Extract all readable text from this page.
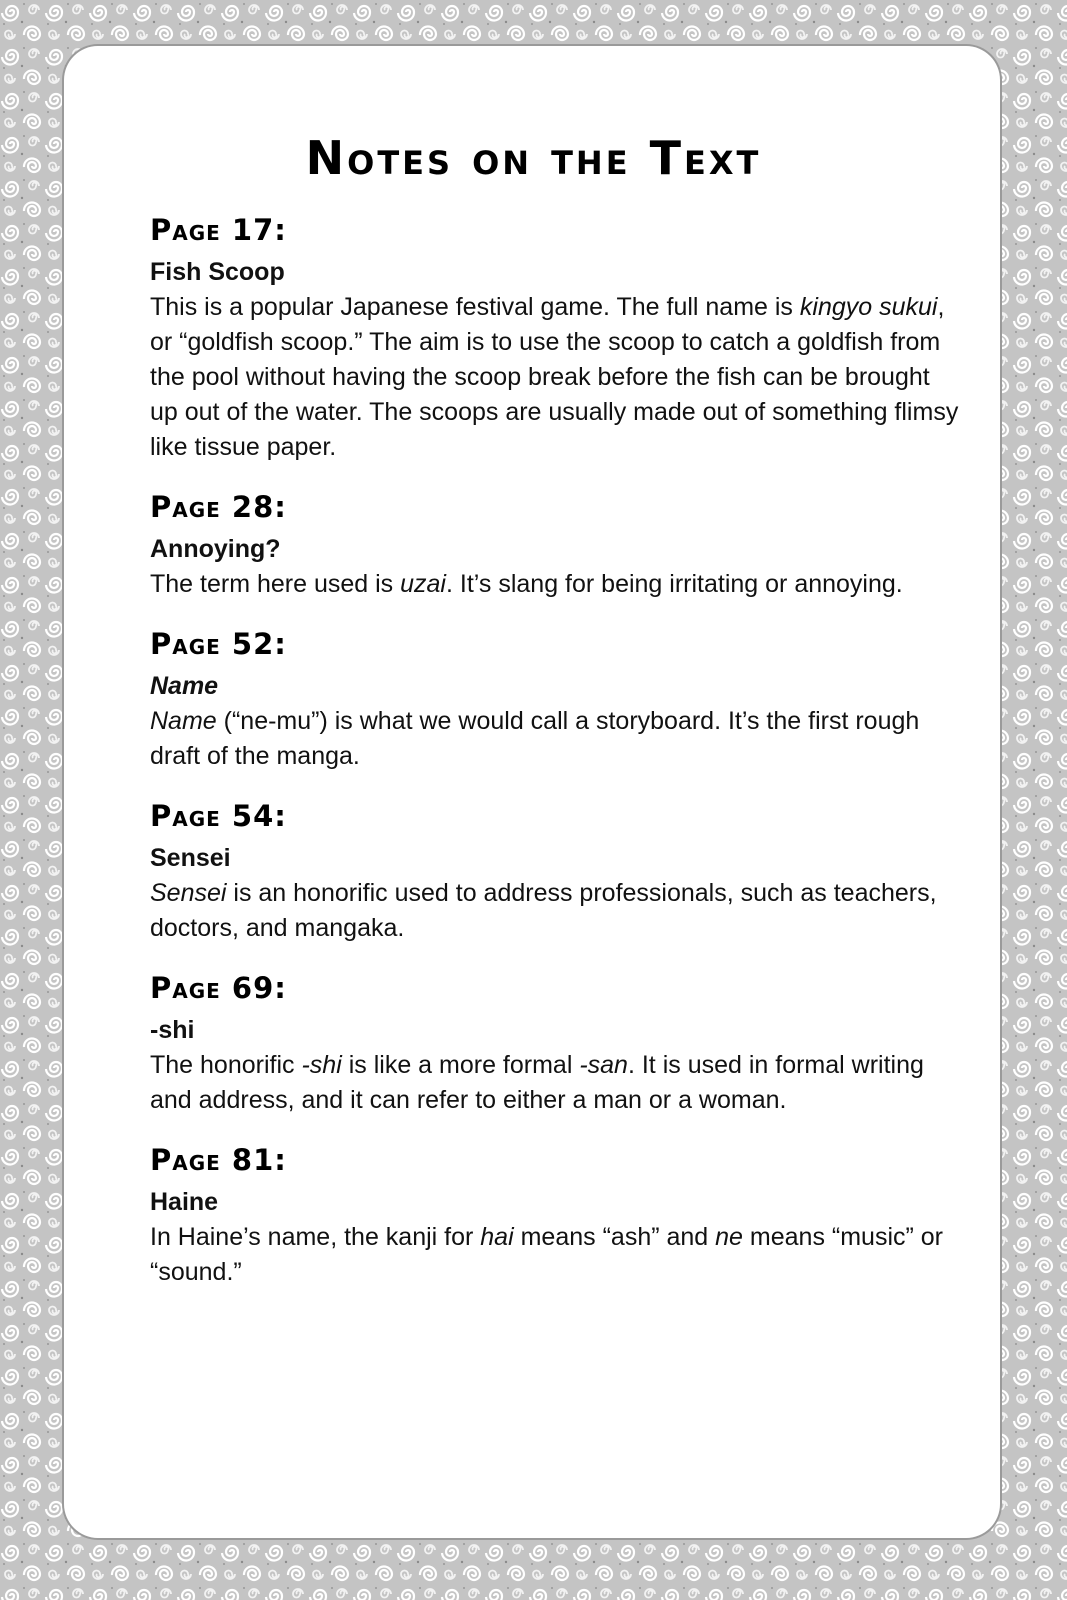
Notes on the Text
Page 17:
Fish Scoop

This is a popular Japanese festival game. The full name is kingyo sukui, or “goldfish scoop.” The aim is to use the scoop to catch a goldfish from the pool without having the scoop break before the fish can be brought up out of the water. The scoops are usually made out of something flimsy like tissue paper.

Page 28:
Annoying?

The term here used is uzai. It’s slang for being irritating or annoying.

Page 52:
Name

Name (“ne-mu”) is what we would call a storyboard. It’s the first rough draft of the manga.

Page 54:
Sensei

Sensei is an honorific used to address professionals, such as teachers, doctors, and mangaka.

Page 69:
-shi

The honorific -shi is like a more formal -san. It is used in formal writing and address, and it can refer to either a man or a woman.

Page 81:
Haine

In Haine’s name, the kanji for hai means “ash” and ne means “music” or “sound.”
